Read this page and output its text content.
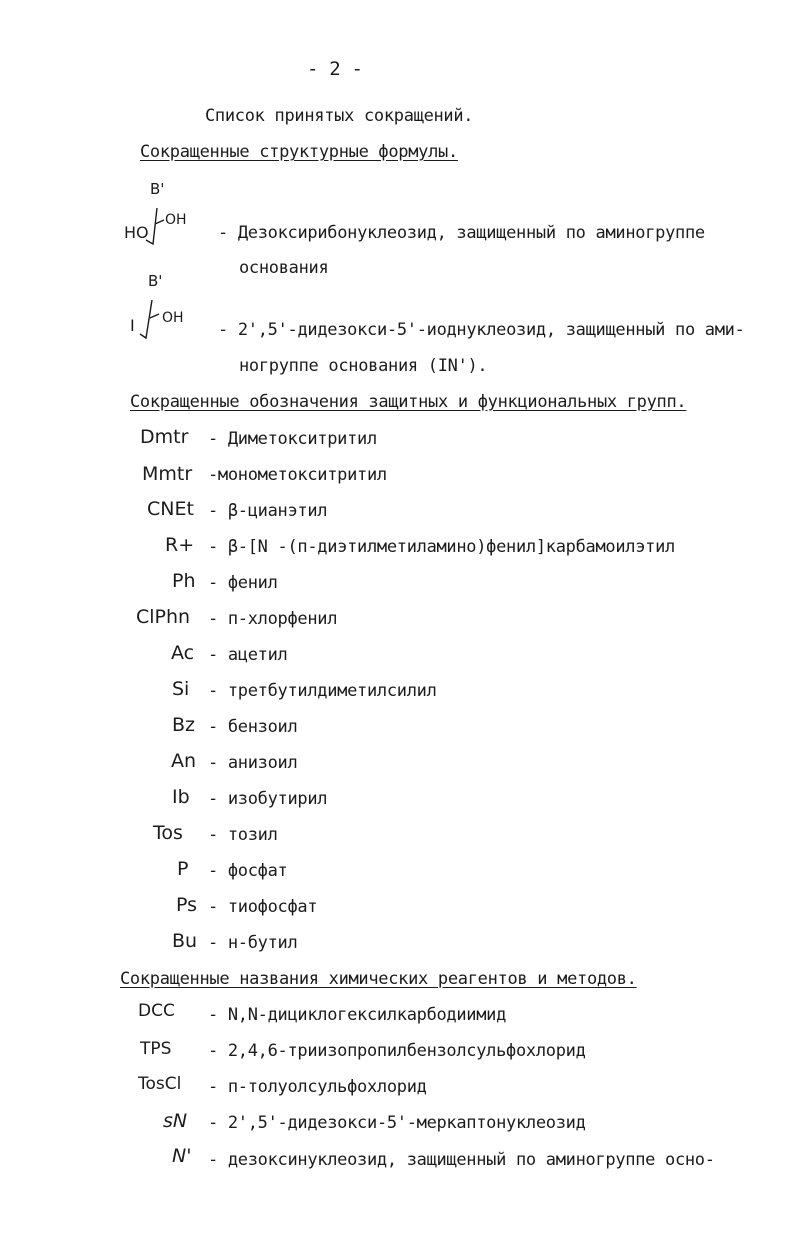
- 2 -
Список принятых сокращений.
Сокращенные структурные формулы.
B'
HO
OH
- Дезоксирибонуклеозид, защищенный по аминогруппе
основания
B'
I OH
- 2',5'-дидезокси-5'-иоднуклеозид, защищенный по ами-
ногруппе основания (IN').
Сокращенные обозначения защитных и функциональных групп.
Dmtr - Диметокситритил
Mmtr -монометокситритил
CNEt - β-цианэтил
R+ - β-[N -(п-диэтилметиламино)фенил]карбамоилэтил
Ph - фенил
ClPhn - п-хлорфенил
Ac - ацетил
Si - третбутилдиметилсилил
Bz - бензоил
An - анизоил
Ib - изобутирил
Tos - тозил
P - фосфат
Ps - тиофосфат
Bu - н-бутил
Сокращенные названия химических реагентов и методов.
DCC - N,N-дициклогексилкарбодиимид
TPS - 2,4,6-триизопропилбензолсульфохлорид
TosCl - п-толуолсульфохлорид
sN - 2',5'-дидезокси-5'-меркаптонуклеозид
N' - дезоксинуклеозид, защищенный по аминогруппе осно-
